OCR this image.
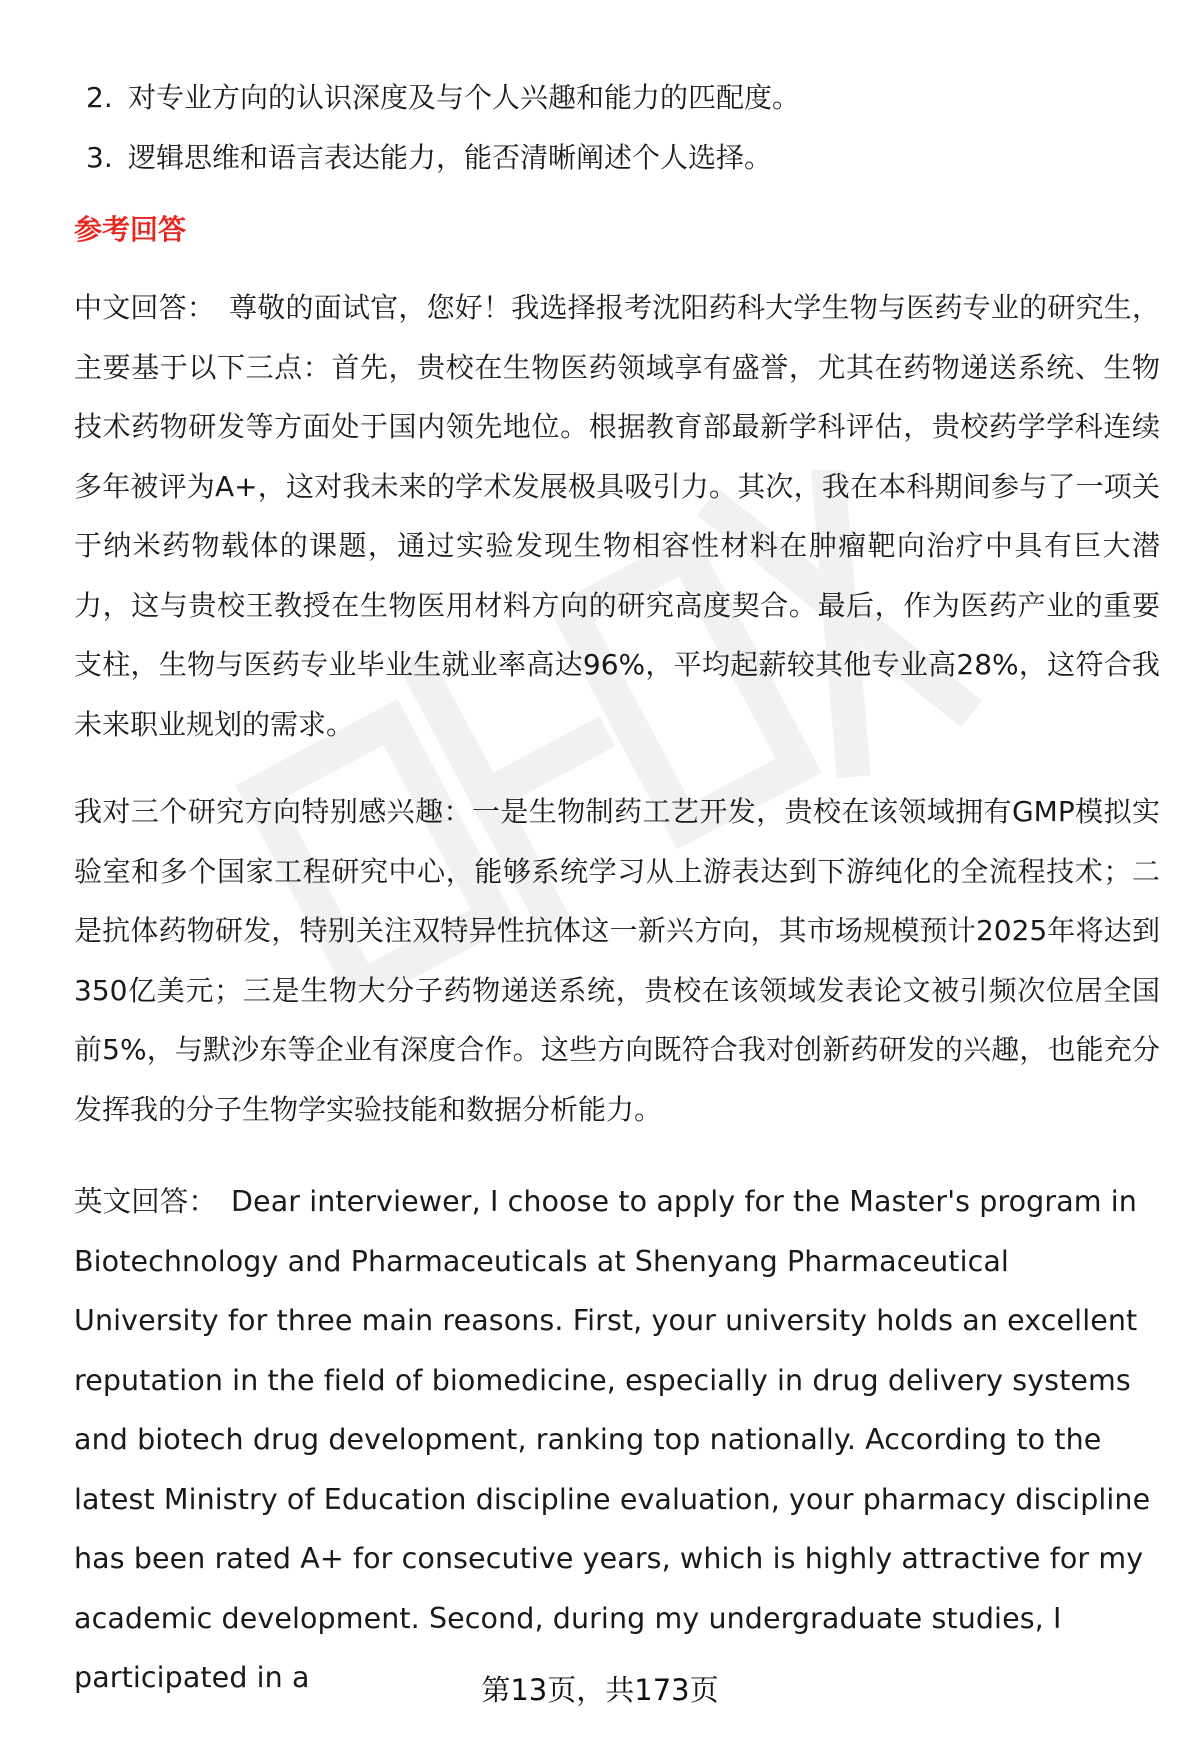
2. 对专业方向的认识深度及与个人兴趣和能力的匹配度。
3. 逻辑思维和语言表达能力，能否清晰阐述个人选择。
参考回答

中文回答： 尊敬的面试官，您好！我选择报考沈阳药科大学生物与医药专业的研究生，主要基于以下三点：首先，贵校在生物医药领域享有盛誉，尤其在药物递送系统、生物技术药物研发等方面处于国内领先地位。根据教育部最新学科评估，贵校药学学科连续多年被评为A+，这对我未来的学术发展极具吸引力。其次，我在本科期间参与了一项关于纳米药物载体的课题，通过实验发现生物相容性材料在肿瘤靶向治疗中具有巨大潜力，这与贵校王教授在生物医用材料方向的研究高度契合。最后，作为医药产业的重要支柱，生物与医药专业毕业生就业率高达96%，平均起薪较其他专业高28%，这符合我未来职业规划的需求。

我对三个研究方向特别感兴趣：一是生物制药工艺开发，贵校在该领域拥有GMP模拟实验室和多个国家工程研究中心，能够系统学习从上游表达到下游纯化的全流程技术；二是抗体药物研发，特别关注双特异性抗体这一新兴方向，其市场规模预计2025年将达到350亿美元；三是生物大分子药物递送系统，贵校在该领域发表论文被引频次位居全国前5%，与默沙东等企业有深度合作。这些方向既符合我对创新药研发的兴趣，也能充分发挥我的分子生物学实验技能和数据分析能力。

英文回答： Dear interviewer, I choose to apply for the Master's program in Biotechnology and Pharmaceuticals at Shenyang Pharmaceutical University for three main reasons. First, your university holds an excellent reputation in the field of biomedicine, especially in drug delivery systems and biotech drug development, ranking top nationally. According to the latest Ministry of Education discipline evaluation, your pharmacy discipline has been rated A+ for consecutive years, which is highly attractive for my academic development. Second, during my undergraduate studies, I participated in a	第13页，共173页
